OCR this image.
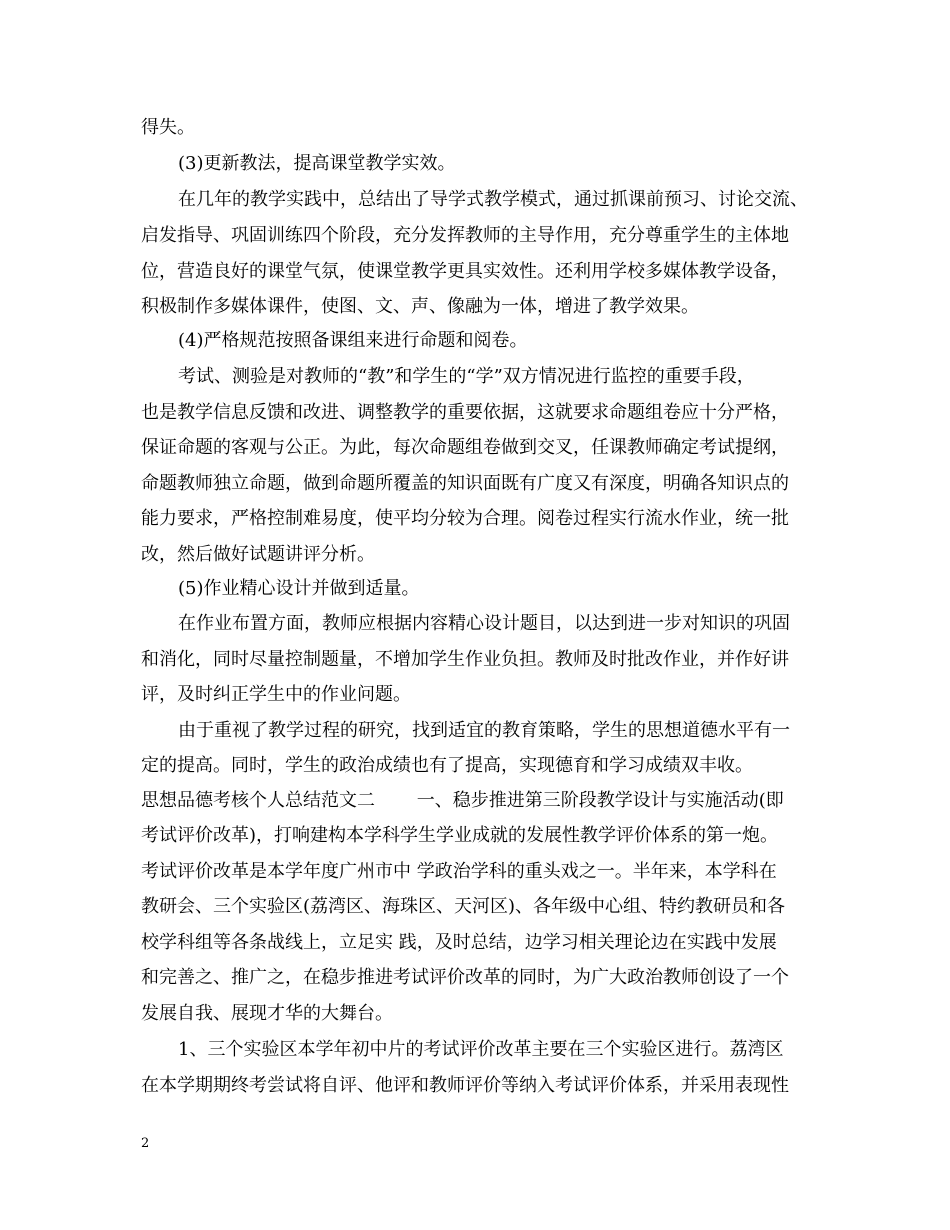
得失。
(3)更新教法，提高课堂教学实效。
在几年的教学实践中，总结出了导学式教学模式，通过抓课前预习、讨论交流、
启发指导、巩固训练四个阶段，充分发挥教师的主导作用，充分尊重学生的主体地
位，营造良好的课堂气氛，使课堂教学更具实效性。还利用学校多媒体教学设备，
积极制作多媒体课件，使图、文、声、像融为一体，增进了教学效果。
(4)严格规范按照备课组来进行命题和阅卷。
考试、测验是对教师的“教”和学生的“学”双方情况进行监控的重要手段，
也是教学信息反馈和改进、调整教学的重要依据，这就要求命题组卷应十分严格，
保证命题的客观与公正。为此，每次命题组卷做到交叉，任课教师确定考试提纲，
命题教师独立命题，做到命题所覆盖的知识面既有广度又有深度，明确各知识点的
能力要求，严格控制难易度，使平均分较为合理。阅卷过程实行流水作业，统一批
改，然后做好试题讲评分析。
(5)作业精心设计并做到适量。
在作业布置方面，教师应根据内容精心设计题目，以达到进一步对知识的巩固
和消化，同时尽量控制题量，不增加学生作业负担。教师及时批改作业，并作好讲
评，及时纠正学生中的作业问题。
由于重视了教学过程的研究，找到适宜的教育策略，学生的思想道德水平有一
定的提高。同时，学生的政治成绩也有了提高，实现德育和学习成绩双丰收。
思想品德考核个人总结范文二　　 一、稳步推进第三阶段教学设计与实施活动(即
考试评价改革)，打响建构本学科学生学业成就的发展性教学评价体系的第一炮。
考试评价改革是本学年度广州市中 学政治学科的重头戏之一。半年来，本学科在
教研会、三个实验区(荔湾区、海珠区、天河区)、各年级中心组、特约教研员和各
校学科组等各条战线上，立足实 践，及时总结，边学习相关理论边在实践中发展
和完善之、推广之，在稳步推进考试评价改革的同时，为广大政治教师创设了一个
发展自我、展现才华的大舞台。
1、三个实验区本学年初中片的考试评价改革主要在三个实验区进行。荔湾区
在本学期期终考尝试将自评、他评和教师评价等纳入考试评价体系，并采用表现性
2
